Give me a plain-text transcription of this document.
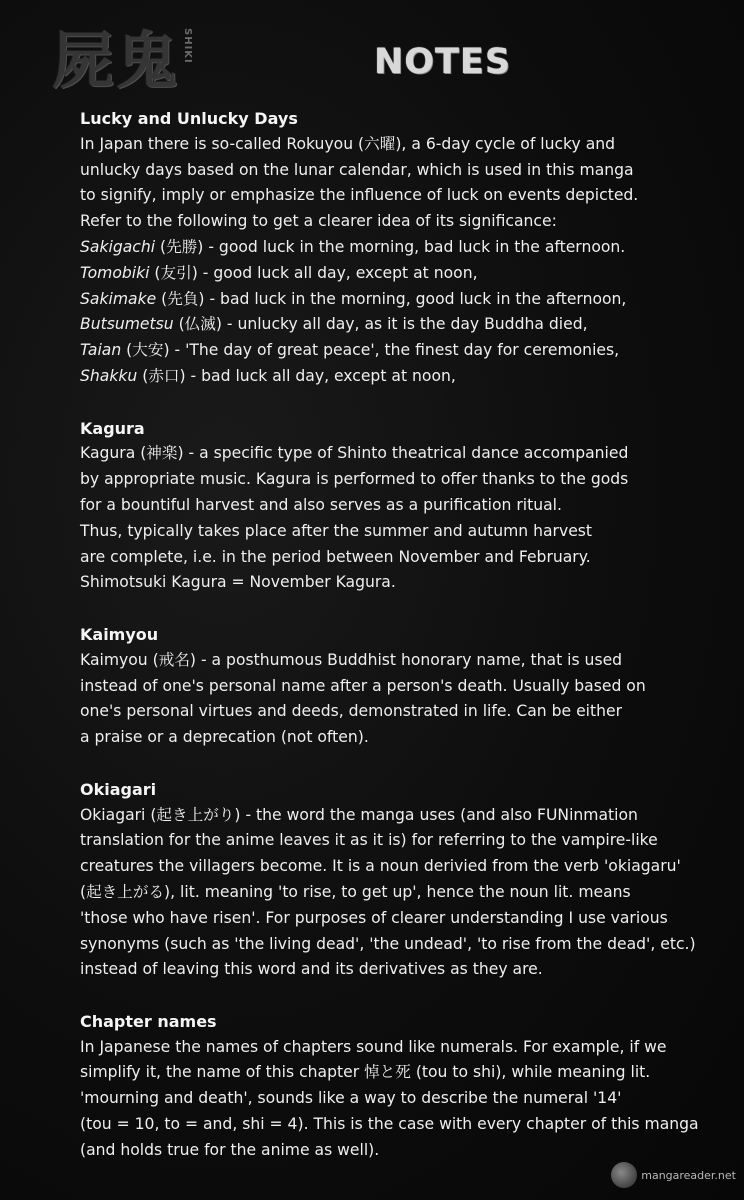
屍鬼 SHIKI	NOTES
Lucky and Unlucky Days

In Japan there is so-called Rokuyou (六曜), a 6-day cycle of lucky and
unlucky days based on the lunar calendar, which is used in this manga
to signify, imply or emphasize the influence of luck on events depicted.
Refer to the following to get a clearer idea of its significance:

Sakigachi (先勝) - good luck in the morning, bad luck in the afternoon.
Tomobiki (友引) - good luck all day, except at noon,
Sakimake (先負) - bad luck in the morning, good luck in the afternoon,
Butsumetsu (仏滅) - unlucky all day, as it is the day Buddha died,
Taian (大安) - 'The day of great peace', the finest day for ceremonies,
Shakku (赤口) - bad luck all day, except at noon,
Kagura

Kagura (神楽) - a specific type of Shinto theatrical dance accompanied
by appropriate music. Kagura is performed to offer thanks to the gods
for a bountiful harvest and also serves as a purification ritual.
Thus, typically takes place after the summer and autumn harvest
are complete, i.e. in the period between November and February.
Shimotsuki Kagura = November Kagura.

Kaimyou

Kaimyou (戒名) - a posthumous Buddhist honorary name, that is used
instead of one's personal name after a person's death. Usually based on
one's personal virtues and deeds, demonstrated in life. Can be either
a praise or a deprecation (not often).

Okiagari

Okiagari (起き上がり) - the word the manga uses (and also FUNinmation
translation for the anime leaves it as it is) for referring to the vampire-like
creatures the villagers become. It is a noun derivied from the verb 'okiagaru'
(起き上がる), lit. meaning 'to rise, to get up', hence the noun lit. means
'those who have risen'. For purposes of clearer understanding I use various
synonyms (such as 'the living dead', 'the undead', 'to rise from the dead', etc.)
instead of leaving this word and its derivatives as they are.

Chapter names

In Japanese the names of chapters sound like numerals. For example, if we
simplify it, the name of this chapter 悼と死 (tou to shi), while meaning lit.
'mourning and death', sounds like a way to describe the numeral '14'
(tou = 10, to = and, shi = 4). This is the case with every chapter of this manga
(and holds true for the anime as well).

mangareader.net
